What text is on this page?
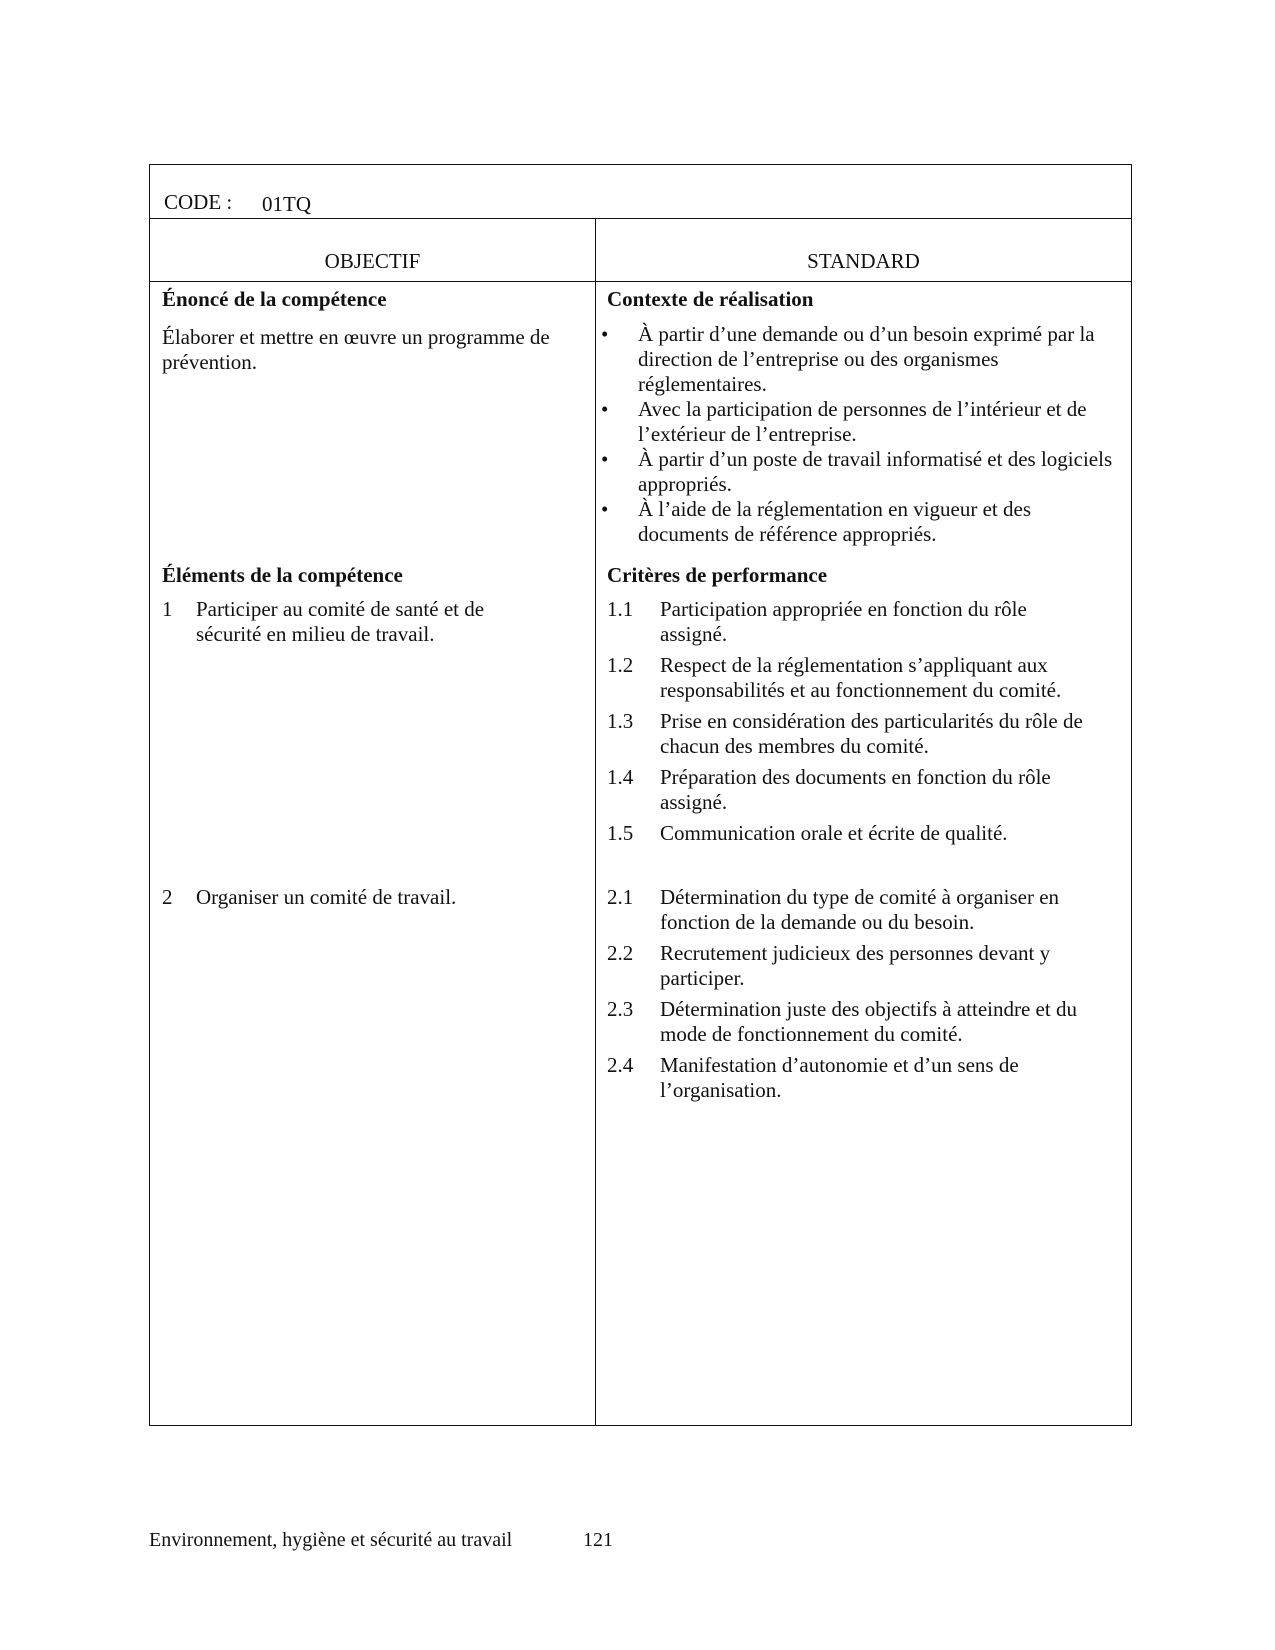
CODE : 01TQ
OBJECTIF	STANDARD
Énoncé de la compétence
Élaborer et mettre en œuvre un programme de prévention.
Contexte de réalisation
• À partir d’une demande ou d’un besoin exprimé par la direction de l’entreprise ou des organismes réglementaires.
• Avec la participation de personnes de l’intérieur et de l’extérieur de l’entreprise.
• À partir d’un poste de travail informatisé et des logiciels appropriés.
• À l’aide de la réglementation en vigueur et des documents de référence appropriés.
Éléments de la compétence
1	Participer au comité de santé et de sécurité en milieu de travail.
2	Organiser un comité de travail.
Critères de performance
1.1	Participation appropriée en fonction du rôle assigné.
1.2	Respect de la réglementation s’appliquant aux responsabilités et au fonctionnement du comité.
1.3	Prise en considération des particularités du rôle de chacun des membres du comité.
1.4	Préparation des documents en fonction du rôle assigné.
1.5	Communication orale et écrite de qualité.
2.1	Détermination du type de comité à organiser en fonction de la demande ou du besoin.
2.2	Recrutement judicieux des personnes devant y participer.
2.3	Détermination juste des objectifs à atteindre et du mode de fonctionnement du comité.
2.4	Manifestation d’autonomie et d’un sens de l’organisation.
Environnement, hygiène et sécurité au travail	121
